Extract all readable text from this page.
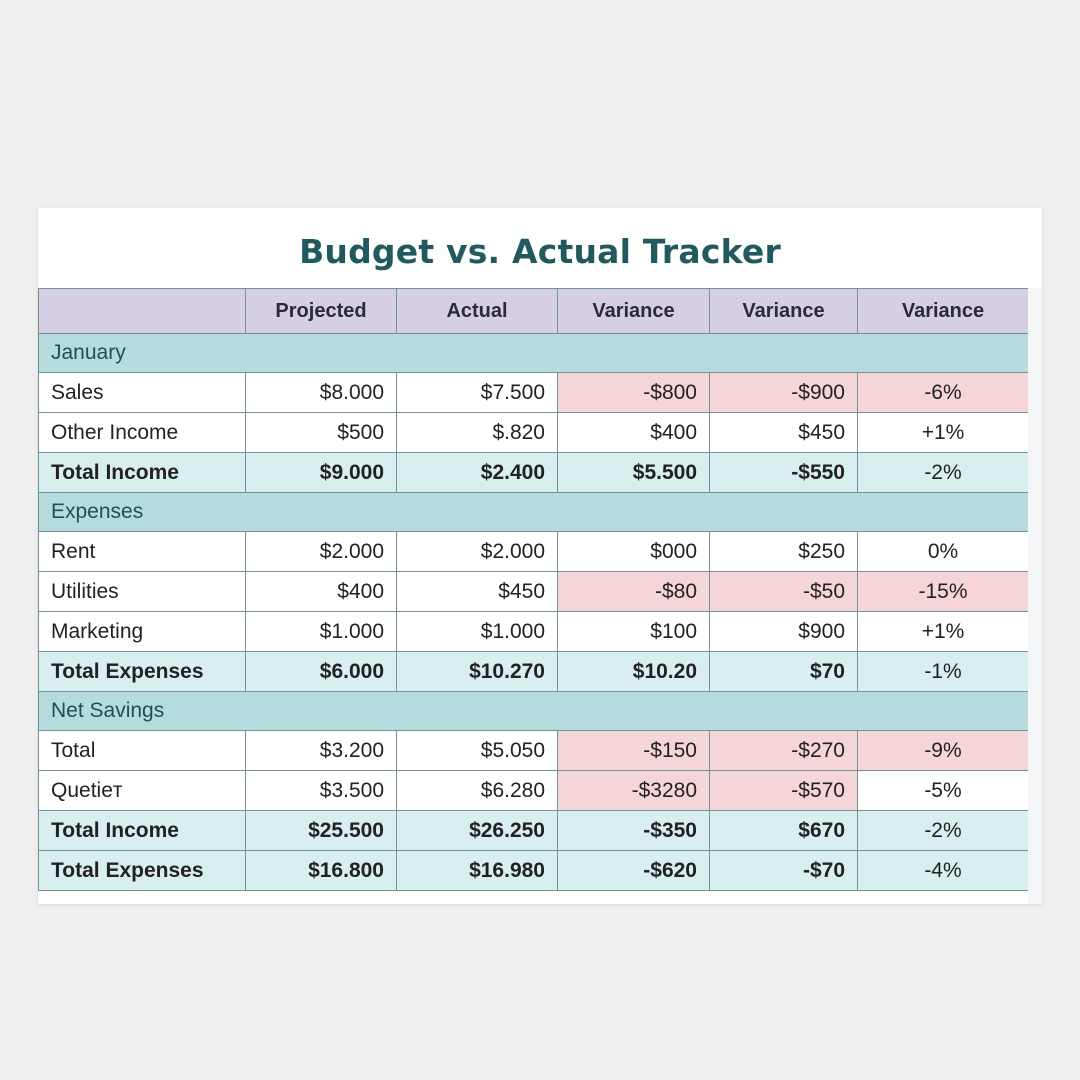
Budget vs. Actual Tracker
	Projected	Actual	Variance	Variance	Variance
January					
Sales	$8.000	$7.500	-$800	-$900	-6%
Other Income	$500	$.820	$400	$450	+1%
Total Income	$9.000	$2.400	$5.500	-$550	-2%
Expenses					
Rent	$2.000	$2.000	$000	$250	0%
Utilities	$400	$450	-$80	-$50	-15%
Marketing	$1.000	$1.000	$100	$900	+1%
Total Expenses	$6.000	$10.270	$10.20	$70	-1%
Net Savings					
Total	$3.200	$5.050	-$150	-$270	-9%
Quetieт	$3.500	$6.280	-$3280	-$570	-5%
Total Income	$25.500	$26.250	-$350	$670	-2%
Total Expenses	$16.800	$16.980	-$620	-$70	-4%
